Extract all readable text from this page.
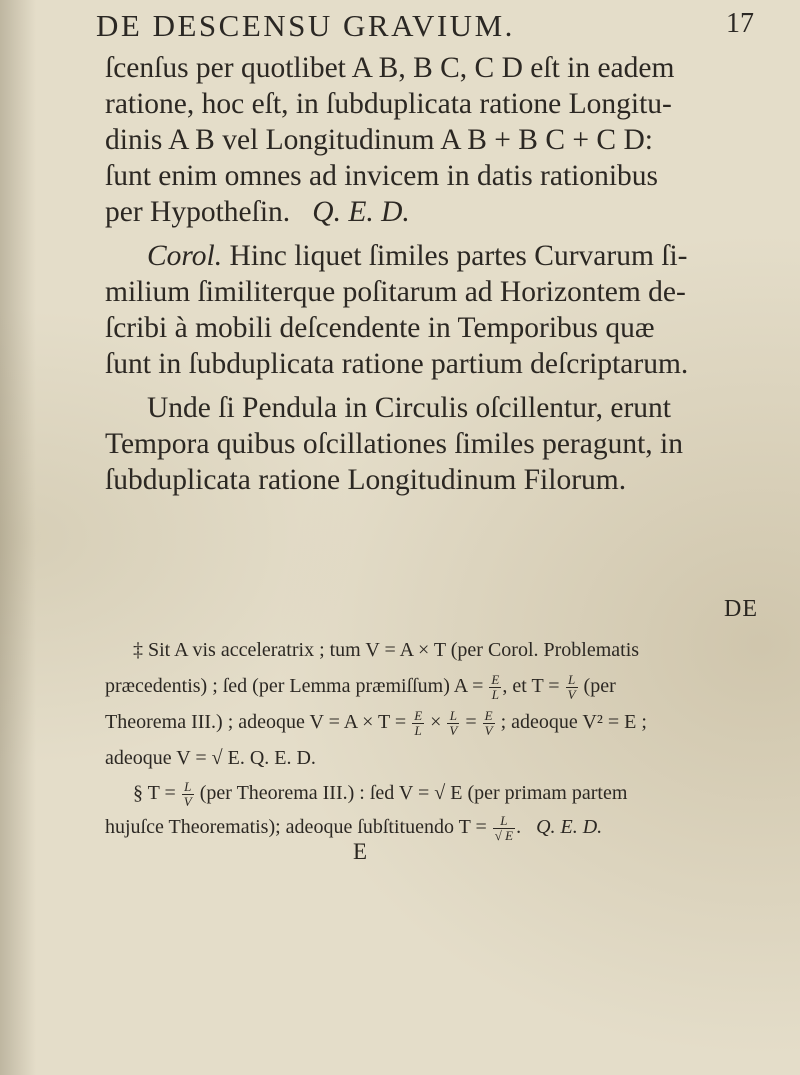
DE DESCENSU GRAVIUM.	17
ſcenſus per quotlibet A B, B C, C D eſt in eadem
ratione, hoc eſt, in ſubduplicata ratione Longitu-
dinis A B vel Longitudinum A B + B C + C D:
ſunt enim omnes ad invicem in datis rationibus
per Hypotheſin. Q. E. D.
Corol. Hinc liquet ſimiles partes Curvarum ſi-
milium ſimiliterque poſitarum ad Horizontem de-
ſcribi à mobili deſcendente in Temporibus quæ
ſunt in ſubduplicata ratione partium deſcriptarum.
Unde ſi Pendula in Circulis oſcillentur, erunt
Tempora quibus oſcillationes ſimiles peragunt, in
ſubduplicata ratione Longitudinum Filorum.
‡ Sit A vis acceleratrix ; tum V = A × T (per Corol. Problematis
præcedentis) ; ſed (per Lemma præmiſſum) $A = \frac{E}{L}$ , et $T = \frac{L}{V} (per$
Theorema III.) ; adeoque $V = A \times T = \frac{E}{L} \times \frac{L}{V} = \frac{E}{V}$ ; adeoque V² = E ;
adeoque V = √ E. Q. E. D.
§ $T = \frac{L}{V} (per$ Theorema III.) : ſed V = √ E (per primam partem
hujuſce Theorematis); adeoque ſubſtituendo $T = \frac{L}{√ E}$ .   Q. E. D.
DE
E
